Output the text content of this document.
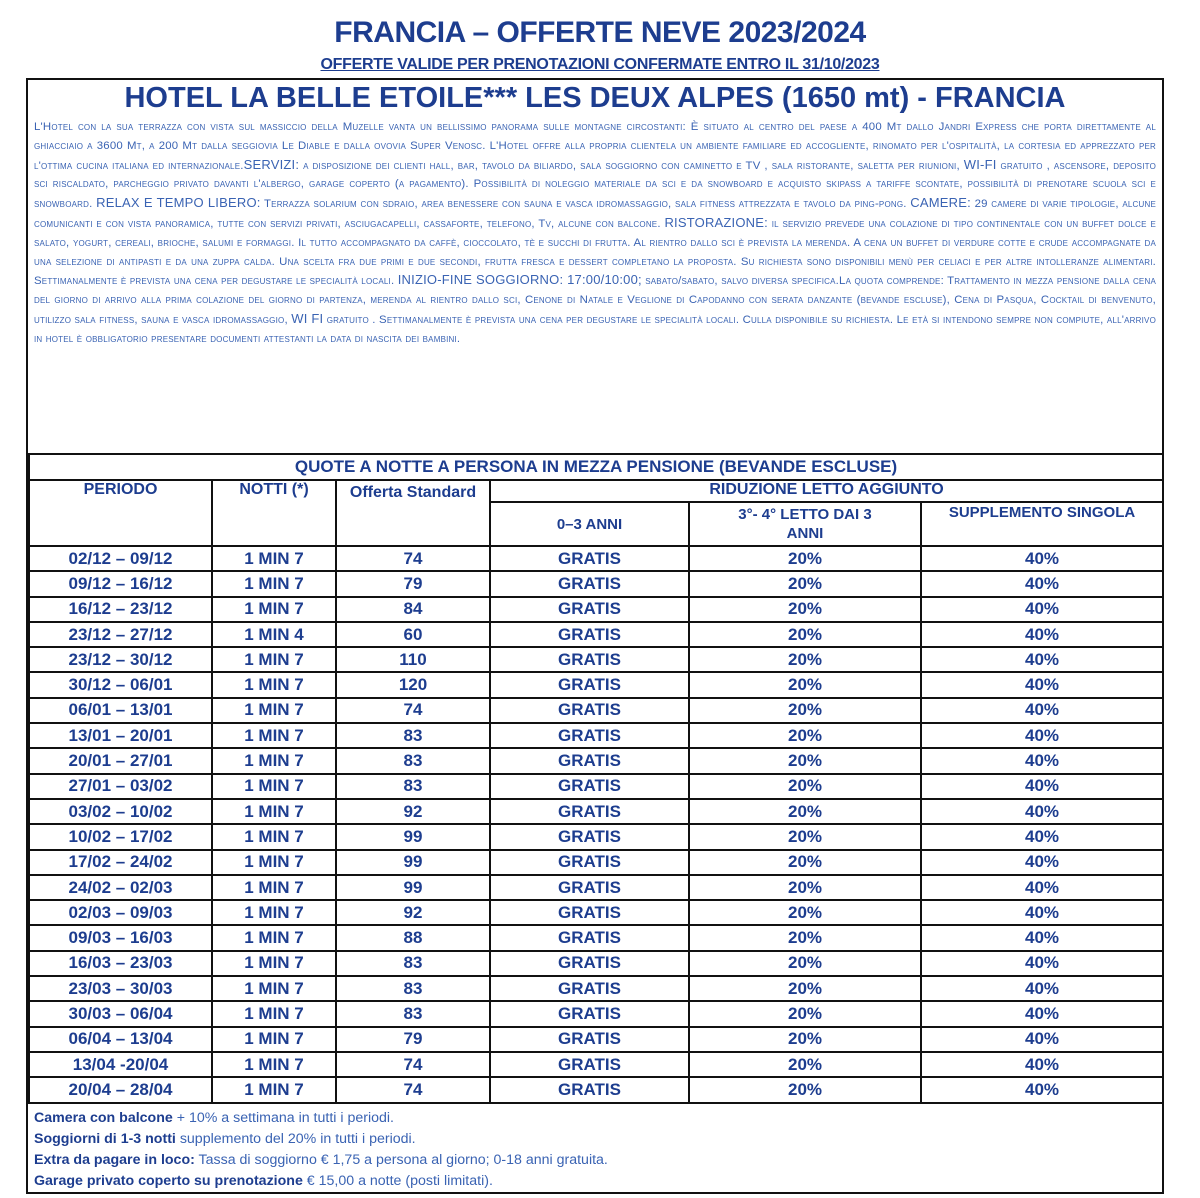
FRANCIA – OFFERTE NEVE 2023/2024
OFFERTE VALIDE PER PRENOTAZIONI CONFERMATE ENTRO IL 31/10/2023
HOTEL LA BELLE ETOILE*** LES DEUX ALPES (1650 mt) - FRANCIA
L'Hotel con la sua terrazza con vista sul massiccio della Muzelle vanta un bellissimo panorama sulle montagne circostanti: È situato al centro del paese a 400 Mt dallo Jandri Express che porta direttamente al ghiacciaio a 3600 Mt, a 200 Mt dalla seggiovia Le Diable e dalla ovovia Super Venosc. L'Hotel offre alla propria clientela un ambiente familiare ed accogliente, rinomato per l'ospitalità, la cortesia ed apprezzato per l'ottima cucina italiana ed internazionale.SERVIZI: a disposizione dei clienti hall, bar, tavolo da biliardo, sala soggiorno con caminetto e TV , sala ristorante, saletta per riunioni, WI-FI gratuito , ascensore, deposito sci riscaldato, parcheggio privato davanti l'albergo, garage coperto (a pagamento). Possibilità di noleggio materiale da sci e da snowboard e acquisto skipass a tariffe scontate, possibilità di prenotare scuola sci e snowboard. RELAX E TEMPO LIBERO: Terrazza solarium con sdraio, area benessere con sauna e vasca idromassaggio, sala fitness attrezzata e tavolo da ping-pong. CAMERE: 29 camere di varie tipologie, alcune comunicanti e con vista panoramica, tutte con servizi privati, asciugacapelli, cassaforte, telefono, Tv, alcune con balcone. RISTORAZIONE: il servizio prevede una colazione di tipo continentale con un buffet dolce e salato, yogurt, cereali, brioche, salumi e formaggi. Il tutto accompagnato da caffè, cioccolato, tè e succhi di frutta. Al rientro dallo sci è prevista la merenda. A cena un buffet di verdure cotte e crude accompagnate da una selezione di antipasti e da una zuppa calda. Una scelta fra due primi e due secondi, frutta fresca e dessert completano la proposta. Su richiesta sono disponibili menù per celiaci e per altre intolleranze alimentari. Settimanalmente è prevista una cena per degustare le specialità locali. INIZIO-FINE SOGGIORNO: 17:00/10:00; sabato/sabato, salvo diversa specifica.La quota comprende: Trattamento in mezza pensione dalla cena del giorno di arrivo alla prima colazione del giorno di partenza, merenda al rientro dallo sci, Cenone di Natale e Veglione di Capodanno con serata danzante (bevande escluse), Cena di Pasqua, Cocktail di benvenuto, utilizzo sala fitness, sauna e vasca idromassaggio, WI FI gratuito . Settimanalmente è prevista una cena per degustare le specialità locali. Culla disponibile su richiesta. Le età si intendono sempre non compiute, all'arrivo in hotel è obbligatorio presentare documenti attestanti la data di nascita dei bambini.
QUOTE A NOTTE A PERSONA IN MEZZA PENSIONE (BEVANDE ESCLUSE)					
PERIODO	NOTTI (*)	Offerta Standard	RIDUZIONE LETTO AGGIUNTO		
			0–3 ANNI	3°- 4° LETTO DAI 3 ANNI	SUPPLEMENTO SINGOLA
02/12 – 09/12	1 MIN 7	74	GRATIS	20%	40%
09/12 – 16/12	1 MIN 7	79	GRATIS	20%	40%
16/12 – 23/12	1 MIN 7	84	GRATIS	20%	40%
23/12 – 27/12	1 MIN 4	60	GRATIS	20%	40%
23/12 – 30/12	1 MIN 7	110	GRATIS	20%	40%
30/12 – 06/01	1 MIN 7	120	GRATIS	20%	40%
06/01 – 13/01	1 MIN 7	74	GRATIS	20%	40%
13/01 – 20/01	1 MIN 7	83	GRATIS	20%	40%
20/01 – 27/01	1 MIN 7	83	GRATIS	20%	40%
27/01 – 03/02	1 MIN 7	83	GRATIS	20%	40%
03/02 – 10/02	1 MIN 7	92	GRATIS	20%	40%
10/02 – 17/02	1 MIN 7	99	GRATIS	20%	40%
17/02 – 24/02	1 MIN 7	99	GRATIS	20%	40%
24/02 – 02/03	1 MIN 7	99	GRATIS	20%	40%
02/03 – 09/03	1 MIN 7	92	GRATIS	20%	40%
09/03 – 16/03	1 MIN 7	88	GRATIS	20%	40%
16/03 – 23/03	1 MIN 7	83	GRATIS	20%	40%
23/03 – 30/03	1 MIN 7	83	GRATIS	20%	40%
30/03 – 06/04	1 MIN 7	83	GRATIS	20%	40%
06/04 – 13/04	1 MIN 7	79	GRATIS	20%	40%
13/04 -20/04	1 MIN 7	74	GRATIS	20%	40%
20/04 – 28/04	1 MIN 7	74	GRATIS	20%	40%
Camera con balcone + 10% a settimana in tutti i periodi.
Soggiorni di 1-3 notti supplemento del 20% in tutti i periodi.
Extra da pagare in loco: Tassa di soggiorno € 1,75 a persona al giorno; 0-18 anni gratuita.
Garage privato coperto su prenotazione € 15,00 a notte (posti limitati).
